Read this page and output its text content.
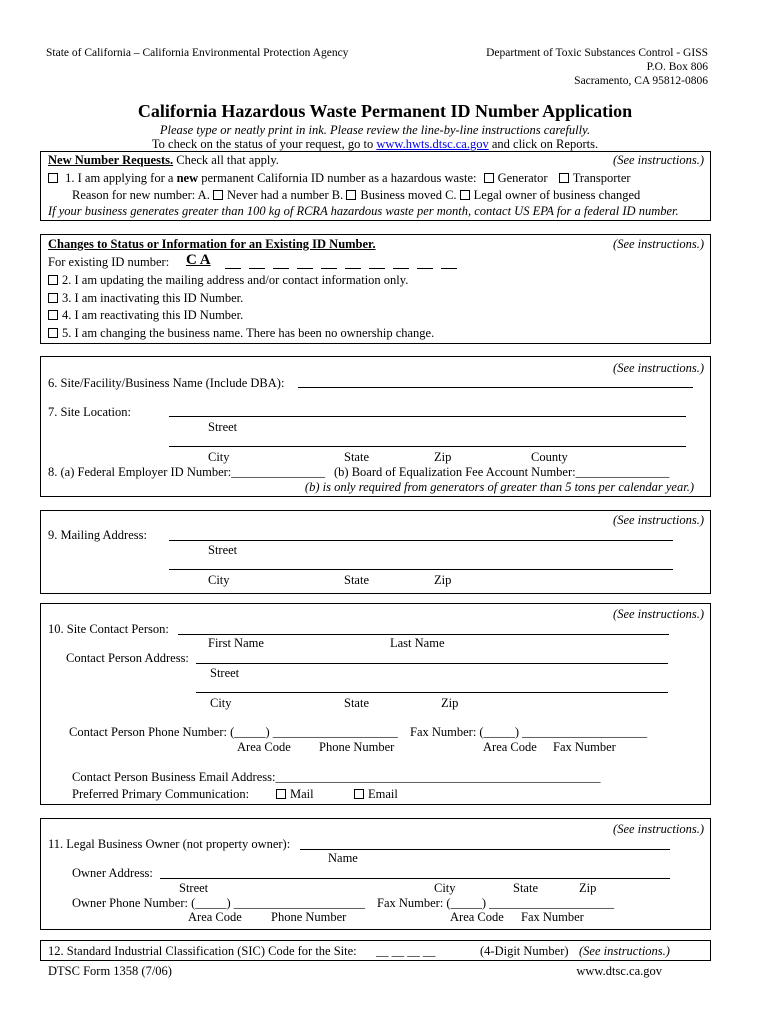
State of California – California Environmental Protection Agency	Department of Toxic Substances Control - GISS
P.O. Box 806
Sacramento, CA 95812-0806
California Hazardous Waste Permanent ID Number Application
Please type or neatly print in ink. Please review the line-by-line instructions carefully.
To check on the status of your request, go to www.hwts.dtsc.ca.gov and click on Reports.
New Number Requests. Check all that apply.	(See instructions.)
1. I am applying for a new permanent California ID number as a hazardous waste: Generator Transporter
Reason for new number: A. Never had a number B. Business moved C. Legal owner of business changed
If your business generates greater than 100 kg of RCRA hazardous waste per month, contact US EPA for a federal ID number.
Changes to Status or Information for an Existing ID Number.	(See instructions.)
For existing ID number: C A
2. I am updating the mailing address and/or contact information only.
3. I am inactivating this ID Number.
4. I am reactivating this ID Number.
5. I am changing the business name. There has been no ownership change.
(See instructions.)
6. Site/Facility/Business Name (Include DBA):
7. Site Location:
Street
City	State	Zip	County
8. (a) Federal Employer ID Number:_______________ (b) Board of Equalization Fee Account Number:_______________
(b) is only required from generators of greater than 5 tons per calendar year.)
(See instructions.)
9. Mailing Address:
Street
City	State	Zip
(See instructions.)
10. Site Contact Person:
First Name	Last Name
Contact Person Address:
Street
City	State	Zip
Contact Person Phone Number: (_____) ____________________ Fax Number: (_____) ____________________
Area Code Phone Number	Area Code Fax Number
Contact Person Business Email Address:____________________________________________________
Preferred Primary Communication:	Mail	Email
(See instructions.)
11. Legal Business Owner (not property owner):
Name
Owner Address:
Street	City	State	Zip
Owner Phone Number: (_____) _____________________ Fax Number: (_____) ____________________
Area Code Phone Number	Area Code Fax Number
12. Standard Industrial Classification (SIC) Code for the Site: __ __ __ __	(4-Digit Number) (See instructions.)
DTSC Form 1358 (7/06)	www.dtsc.ca.gov
